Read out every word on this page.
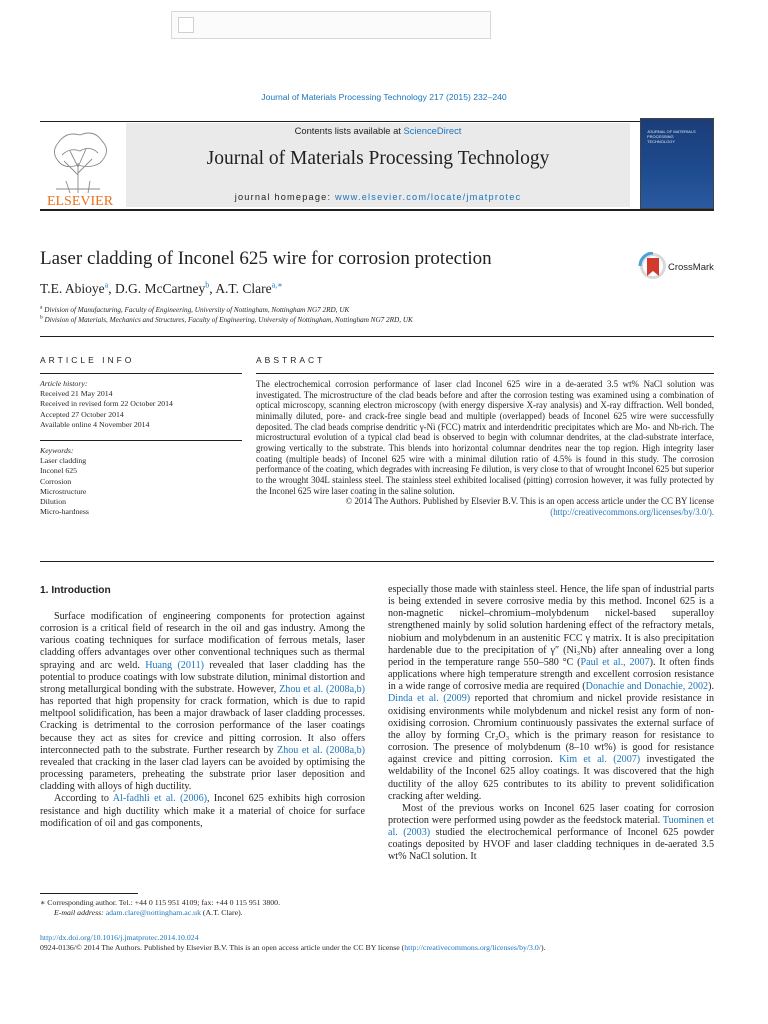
Journal of Materials Processing Technology 217 (2015) 232–240
ELSEVIER
Contents lists available at ScienceDirect
Journal of Materials Processing Technology
journal homepage: www.elsevier.com/locate/jmatprotec
JOURNAL OF MATERIALS PROCESSING TECHNOLOGY
Laser cladding of Inconel 625 wire for corrosion protection	CrossMark
T.E. Abioye$^a$, D.G. McCartney$^b$, A.T. Clare$^{a,∗}$
$^a$ Division of Manufacturing, Faculty of Engineering, University of Nottingham, Nottingham NG7 2RD, UK
$^b$ Division of Materials, Mechanics and Structures, Faculty of Engineering, University of Nottingham, Nottingham NG7 2RD, UK
ARTICLE INFO	ABSTRACT
Article history:
Received 21 May 2014
Received in revised form 22 October 2014
Accepted 27 October 2014
Available online 4 November 2014
Keywords:
Laser cladding
Inconel 625
Corrosion
Microstructure
Dilution
Micro-hardness

The electrochemical corrosion performance of laser clad Inconel 625 wire in a de-aerated 3.5 wt% NaCl solution was investigated. The microstructure of the clad beads before and after the corrosion testing was examined using a combination of optical microscopy, scanning electron microscopy (with energy dispersive X-ray analysis) and X-ray diffraction. Well bonded, minimally diluted, pore- and crack-free single bead and multiple (overlapped) beads of Inconel 625 wire were successfully deposited. The clad beads comprise dendritic γ-Ni (FCC) matrix and interdendritic precipitates which are Mo- and Nb-rich. The microstructural evolution of a typical clad bead is observed to begin with columnar dendrites, at the clad-substrate interface, growing vertically to the substrate. This blends into horizontal columnar dendrites near the top region. High integrity laser coating (multiple beads) of Inconel 625 wire with a minimal dilution ratio of 4.5% is found in this study. The corrosion performance of the coating, which degrades with increasing Fe dilution, is very close to that of wrought Inconel 625 but superior to the wrought 304L stainless steel. The stainless steel exhibited localised (pitting) corrosion however, it was fully protected by the Inconel 625 wire laser coating in the saline solution.

© 2014 The Authors. Published by Elsevier B.V. This is an open access article under the CC BY license
(http://creativecommons.org/licenses/by/3.0/).

1. Introduction

Surface modification of engineering components for protection against corrosion is a critical field of research in the oil and gas industry. Among the various coating techniques for surface modification of ferrous metals, laser cladding offers advantages over other conventional techniques such as thermal spraying and arc weld. Huang (2011) revealed that laser cladding has the potential to produce coatings with low substrate dilution, minimal distortion and strong metallurgical bonding with the substrate. However, Zhou et al. (2008a,b) has reported that high propensity for crack formation, which is due to rapid meltpool solidification, has been a major drawback of laser cladding processes. Cracking is detrimental to the corrosion performance of the laser coatings because they act as sites for crevice and pitting corrosion. It also offers interconnected path to the substrate. Further research by Zhou et al. (2008a,b) revealed that cracking in the laser clad layers can be avoided by optimising the processing parameters, preheating the substrate prior laser deposition and cladding with alloys of high ductility.

According to Al-fadhli et al. (2006), Inconel 625 exhibits high corrosion resistance and high ductility which make it a material of choice for surface modification of oil and gas components,

especially those made with stainless steel. Hence, the life span of industrial parts is being extended in severe corrosive media by this method. Inconel 625 is a non-magnetic nickel–chromium–molybdenum nickel-based superalloy strengthened mainly by solid solution hardening effect of the refractory metals, niobium and molybdenum in an austenitic FCC γ matrix. It is also precipitation hardenable due to the precipitation of γ″ (Ni₃Nb) after annealing over a long period in the temperature range 550–580 °C (Paul et al., 2007). It often finds applications where high temperature strength and excellent corrosion resistance in a wide range of corrosive media are required (Donachie and Donachie, 2002). Dinda et al. (2009) reported that chromium and nickel provide resistance in oxidising environments while molybdenum and nickel resist any form of non-oxidising corrosion. Chromium continuously passivates the external surface of the alloy by forming Cr₂O₃ which is the primary reason for resistance to corrosion. The presence of molybdenum (8–10 wt%) is good for resistance against crevice and pitting corrosion. Kim et al. (2007) investigated the weldability of the Inconel 625 alloy coatings. It was discovered that the high ductility of the alloy 625 contributes to its ability to prevent solidification cracking after welding.

Most of the previous works on Inconel 625 laser coating for corrosion protection were performed using powder as the feedstock material. Tuominen et al. (2003) studied the electrochemical performance of Inconel 625 powder coatings deposited by HVOF and laser cladding techniques in de-aerated 3.5 wt% NaCl solution. It

∗ Corresponding author. Tel.: +44 0 115 951 4109; fax: +44 0 115 951 3800.
E-mail address: adam.clare@nottingham.ac.uk (A.T. Clare).
http://dx.doi.org/10.1016/j.jmatprotec.2014.10.024
0924-0136/© 2014 The Authors. Published by Elsevier B.V. This is an open access article under the CC BY license (http://creativecommons.org/licenses/by/3.0/).
